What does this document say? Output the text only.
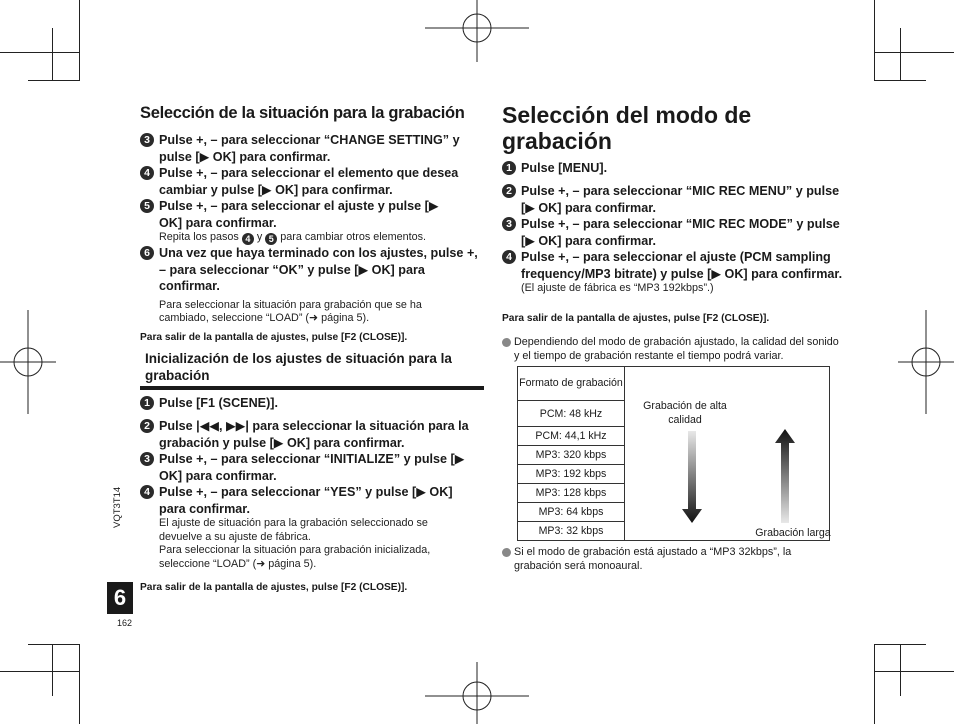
Selección de la situación para la grabación
3 Pulse +, – para seleccionar “CHANGE SETTING” y pulse [▶ OK] para confirmar.
4 Pulse +, – para seleccionar el elemento que desea cambiar y pulse [▶ OK] para confirmar.
5 Pulse +, – para seleccionar el ajuste y pulse [▶ OK] para confirmar.
Repita los pasos 4 y 5 para cambiar otros elementos.
6 Una vez que haya terminado con los ajustes, pulse +, – para seleccionar “OK” y pulse [▶ OK] para confirmar.
Para seleccionar la situación para grabación que se ha cambiado, seleccione “LOAD” (➜ página 5).
Para salir de la pantalla de ajustes, pulse [F2 (CLOSE)].
Inicialización de los ajustes de situación para la grabación
1 Pulse [F1 (SCENE)].
2 Pulse |◀◀, ▶▶| para seleccionar la situación para la grabación y pulse [▶ OK] para confirmar.
3 Pulse +, – para seleccionar “INITIALIZE” y pulse [▶ OK] para confirmar.
4 Pulse +, – para seleccionar “YES” y pulse [▶ OK] para confirmar.
El ajuste de situación para la grabación seleccionado se devuelve a su ajuste de fábrica.
Para seleccionar la situación para grabación inicializada, seleccione “LOAD” (➜ página 5).
Para salir de la pantalla de ajustes, pulse [F2 (CLOSE)].
VQT3T14
6
162
Selección del modo de grabación
1 Pulse [MENU].
2 Pulse +, – para seleccionar “MIC REC MENU” y pulse [▶ OK] para confirmar.
3 Pulse +, – para seleccionar “MIC REC MODE” y pulse [▶ OK] para confirmar.
4 Pulse +, – para seleccionar el ajuste (PCM sampling frequency/MP3 bitrate) y pulse [▶ OK] para confirmar.
(El ajuste de fábrica es “MP3 192kbps”.)
Para salir de la pantalla de ajustes, pulse [F2 (CLOSE)].
Dependiendo del modo de grabación ajustado, la calidad del sonido y el tiempo de grabación restante el tiempo podrá variar.
Formato de grabación	
Grabación de alta calidad
Grabación larga

PCM: 48 kHz
PCM: 44,1 kHz
MP3: 320 kbps
MP3: 192 kbps
MP3: 128 kbps
MP3: 64 kbps
MP3: 32 kbps
Si el modo de grabación está ajustado a “MP3 32kbps”, la grabación será monoaural.
